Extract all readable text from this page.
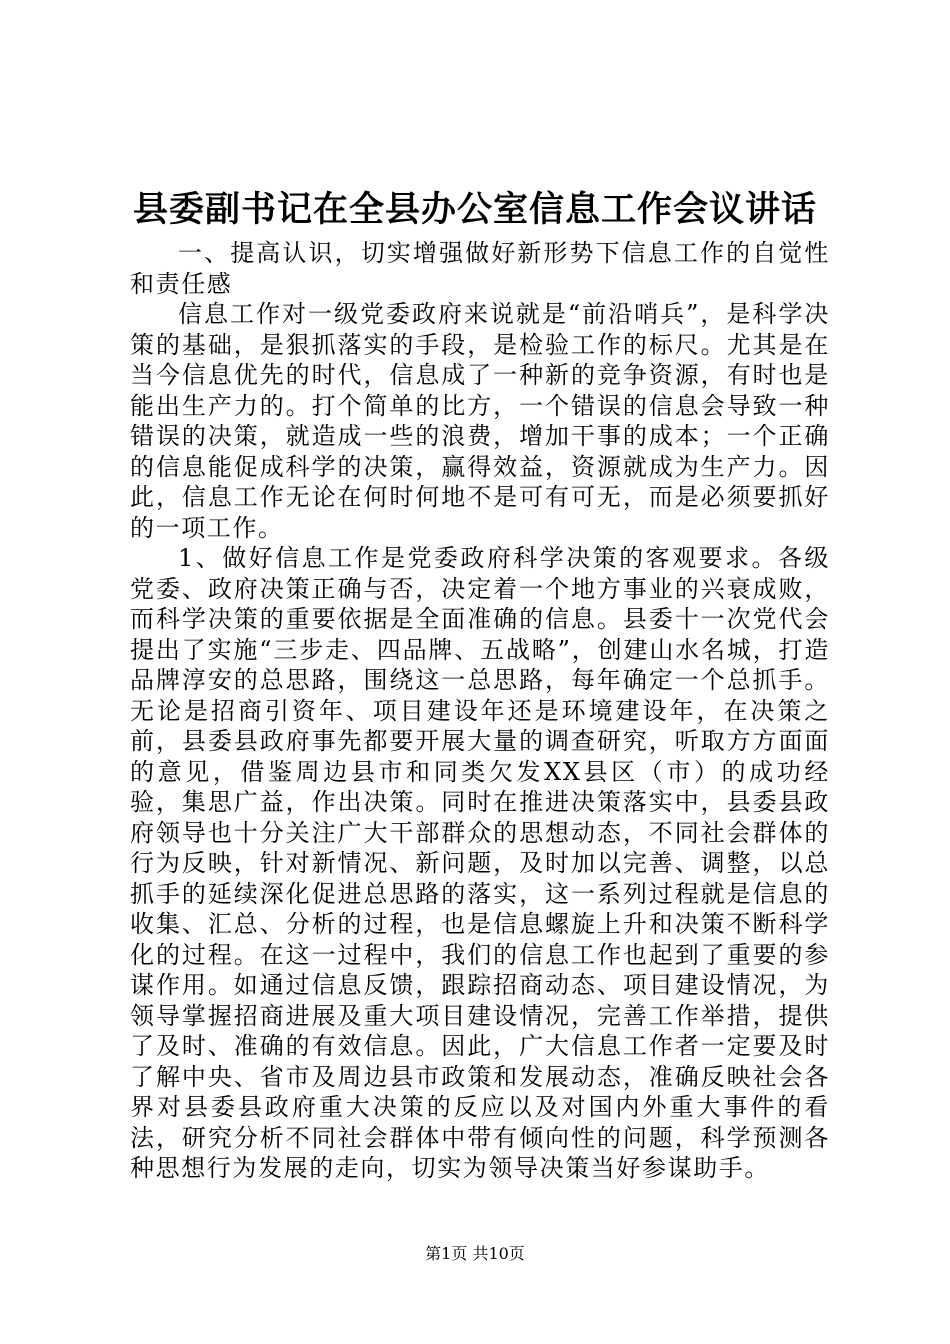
县委副书记在全县办公室信息工作会议讲话

一、提高认识，切实增强做好新形势下信息工作的自觉性和责任感

信息工作对一级党委政府来说就是“前沿哨兵”，是科学决策的基础，是狠抓落实的手段，是检验工作的标尺。尤其是在当今信息优先的时代，信息成了一种新的竞争资源，有时也是能出生产力的。打个简单的比方，一个错误的信息会导致一种错误的决策，就造成一些的浪费，增加干事的成本；一个正确的信息能促成科学的决策，赢得效益，资源就成为生产力。因此，信息工作无论在何时何地不是可有可无，而是必须要抓好的一项工作。

1、做好信息工作是党委政府科学决策的客观要求。各级党委、政府决策正确与否，决定着一个地方事业的兴衰成败，而科学决策的重要依据是全面准确的信息。县委十一次党代会提出了实施“三步走、四品牌、五战略”，创建山水名城，打造品牌淳安的总思路，围绕这一总思路，每年确定一个总抓手。无论是招商引资年、项目建设年还是环境建设年，在决策之前，县委县政府事先都要开展大量的调查研究，听取方方面面的意见，借鉴周边县市和同类欠发XX县区（市）的成功经验，集思广益，作出决策。同时在推进决策落实中，县委县政府领导也十分关注广大干部群众的思想动态，不同社会群体的行为反映，针对新情况、新问题，及时加以完善、调整，以总抓手的延续深化促进总思路的落实，这一系列过程就是信息的收集、汇总、分析的过程，也是信息螺旋上升和决策不断科学化的过程。在这一过程中，我们的信息工作也起到了重要的参谋作用。如通过信息反馈，跟踪招商动态、项目建设情况，为领导掌握招商进展及重大项目建设情况，完善工作举措，提供了及时、准确的有效信息。因此，广大信息工作者一定要及时了解中央、省市及周边县市政策和发展动态，准确反映社会各界对县委县政府重大决策的反应以及对国内外重大事件的看法，研究分析不同社会群体中带有倾向性的问题，科学预测各种思想行为发展的走向，切实为领导决策当好参谋助手。

第1页 共10页
